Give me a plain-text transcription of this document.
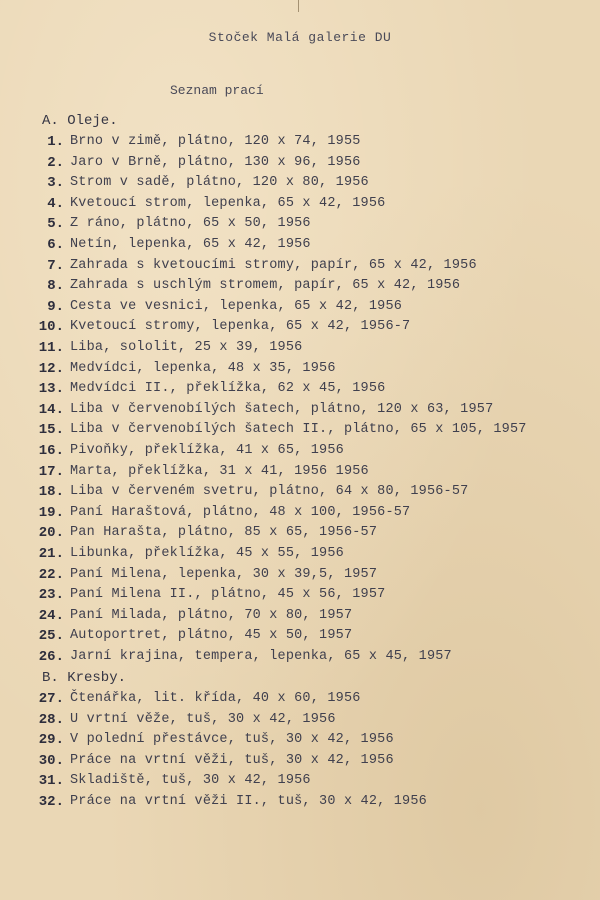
Stoček Malá galerie DU
Seznam prací
A. Oleje.
1. Brno v zimě, plátno, 120 x 74, 1955
2. Jaro v Brně, plátno, 130 x 96, 1956
3. Strom v sadě, plátno, 120 x 80, 1956
4. Kvetoucí strom, lepenka, 65 x 42, 1956
5. Z ráno, plátno, 65 x 50, 1956
6. Netín, lepenka, 65 x 42, 1956
7. Zahrada s kvetoucími stromy, papír, 65 x 42, 1956
8. Zahrada s uschlým stromem, papír, 65 x 42, 1956
9. Cesta ve vesnici, lepenka, 65 x 42, 1956
10. Kvetoucí stromy, lepenka, 65 x 42, 1956-7
11. Liba, sololit, 25 x 39, 1956
12. Medvídci, lepenka, 48 x 35, 1956
13. Medvídci II., překlížka, 62 x 45, 1956
14. Liba v červenobílých šatech, plátno, 120 x 63, 1957
15. Liba v červenobílých šatech II., plátno, 65 x 105, 1957
16. Pivoňky, překlížka, 41 x 65, 1956
17. Marta, překlížka, 31 x 41, 1956 1956
18. Liba v červeném svetru, plátno, 64 x 80, 1956-57
19. Paní Haraštová, plátno, 48 x 100, 1956-57
20. Pan Harašta, plátno, 85 x 65, 1956-57
21. Libunka, překlížka, 45 x 55, 1956
22. Paní Milena, lepenka, 30 x 39,5, 1957
23. Paní Milena II., plátno, 45 x 56, 1957
24. Paní Milada, plátno, 70 x 80, 1957
25. Autoportret, plátno, 45 x 50, 1957
26. Jarní krajina, tempera, lepenka, 65 x 45, 1957
B. Kresby.
27. Čtenářka, lit. křída, 40 x 60, 1956
28. U vrtní věže, tuš, 30 x 42, 1956
29. V polední přestávce, tuš, 30 x 42, 1956
30. Práce na vrtní věži, tuš, 30 x 42, 1956
31. Skladiště, tuš, 30 x 42, 1956
32. Práce na vrtní věži II., tuš, 30 x 42, 1956
